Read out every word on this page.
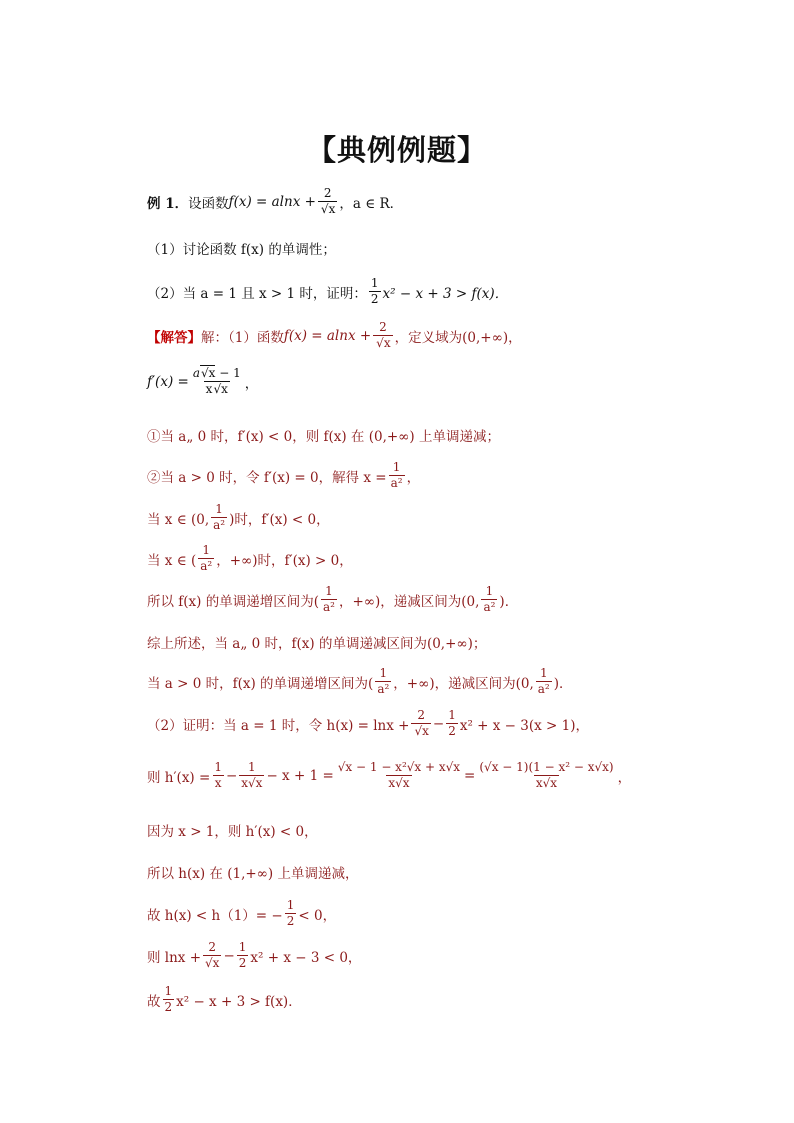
【典例例题】
例 1． 设函数 f(x) = alnx + 2
√ x ，a ∈ R．
（1）讨论函数 f(x) 的单调性；
（2）当 a = 1 且 x > 1 时，证明： $\frac{1}{2} x^2 - x + 3 > f(x)$．
【解答】 解：（1）函数 f(x) = alnx + 2
√ x ，定义域为(0,+∞)，
$f'(x) = \frac{a √ x - 1}{x √ x}$ ，
①当 a„ 0 时，f′(x) < 0，则 f(x) 在 (0,+∞) 上单调递减；
②当 a > 0 时，令 f′(x) = 0，解得 $x = \frac{1}{\text{a²}}$ ，
当 x ∈ (0, $\frac{1}{\text{a²}}$ )时，f′(x) < 0，
当 x ∈ ( $\frac{1}{\text{a²}}$ ，+∞)时，f′(x) > 0，
所以 f(x) 的单调递增区间为( $\frac{1}{\text{a²}}$ ，+∞)，递减区间为(0, $\frac{1}{\text{a²}}$ )．
综上所述，当 a„ 0 时，f(x) 的单调递减区间为(0,+∞)；
当 a > 0 时，f(x) 的单调递增区间为( $\frac{1}{\text{a²}}$ ，+∞)，递减区间为(0, $\frac{1}{\text{a²}}$ )．
（2）证明：当 a = 1 时，令 h(x) = lnx + 2
√ $x - \frac{1}{2} x^2 + x - 3(x > 1)$，
则 $h'(x) = \frac{1}{x} - \frac{1}{x√x} - x + 1 = \frac{\text{√x − 1 − x²√x + x√x}}{x√x} = \frac{\text{(√x − 1)(1 − x² − x√x)}}{x√x}$ ，
因为 x > 1，则 h′(x) < 0，
所以 h(x) 在 (1,+∞) 上单调递减，
故 $h(x) < h(1)= - \frac{1}{2} < 0$，
则 $\ln x + \frac{2}{√x} - \frac{1}{2} x^2 + x - 3 < 0$，
故 $\frac{1}{2} x^2 - x + 3 > f(x)$．
